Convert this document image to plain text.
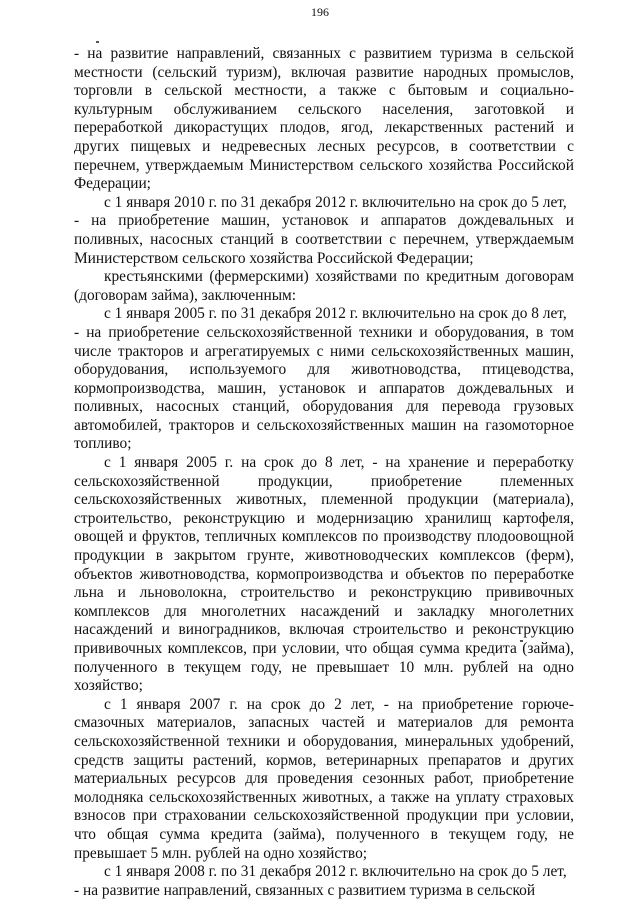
196

- на развитие направлений, связанных с развитием туризма в сельской местности (сельский туризм), включая развитие народных промыслов, торговли в сельской местности, а также с бытовым и социально-культурным обслуживанием сельского населения, заготовкой и переработкой дикорастущих плодов, ягод, лекарственных растений и других пищевых и недревесных лесных ресурсов, в соответствии с перечнем, утверждаемым Министерством сельского хозяйства Российской Федерации;

с 1 января 2010 г. по 31 декабря 2012 г. включительно на срок до 5 лет,

- на приобретение машин, установок и аппаратов дождевальных и поливных, насосных станций в соответствии с перечнем, утверждаемым Министерством сельского хозяйства Российской Федерации;

крестьянскими (фермерскими) хозяйствами по кредитным договорам (договорам займа), заключенным:

с 1 января 2005 г. по 31 декабря 2012 г. включительно на срок до 8 лет,

- на приобретение сельскохозяйственной техники и оборудования, в том числе тракторов и агрегатируемых с ними сельскохозяйственных машин, оборудования, используемого для животноводства, птицеводства, кормопроизводства, машин, установок и аппаратов дождевальных и поливных, насосных станций, оборудования для перевода грузовых автомобилей, тракторов и сельскохозяйственных машин на газомоторное топливо;

с 1 января 2005 г. на срок до 8 лет, - на хранение и переработку сельскохозяйственной продукции, приобретение племенных сельскохозяйственных животных, племенной продукции (материала), строительство, реконструкцию и модернизацию хранилищ картофеля, овощей и фруктов, тепличных комплексов по производству плодоовощной продукции в закрытом грунте, животноводческих комплексов (ферм), объектов животноводства, кормопроизводства и объектов по переработке льна и льноволокна, строительство и реконструкцию прививочных комплексов для многолетних насаждений и закладку многолетних насаждений и виноградников, включая строительство и реконструкцию прививочных комплексов, при условии, что общая сумма кредита (займа), полученного в текущем году, не превышает 10 млн. рублей на одно хозяйство;

с 1 января 2007 г. на срок до 2 лет, - на приобретение горюче-смазочных материалов, запасных частей и материалов для ремонта сельскохозяйственной техники и оборудования, минеральных удобрений, средств защиты растений, кормов, ветеринарных препаратов и других материальных ресурсов для проведения сезонных работ, приобретение молодняка сельскохозяйственных животных, а также на уплату страховых взносов при страховании сельскохозяйственной продукции при условии, что общая сумма кредита (займа), полученного в текущем году, не превышает 5 млн. рублей на одно хозяйство;

с 1 января 2008 г. по 31 декабря 2012 г. включительно на срок до 5 лет,

- на развитие направлений, связанных с развитием туризма в сельской
